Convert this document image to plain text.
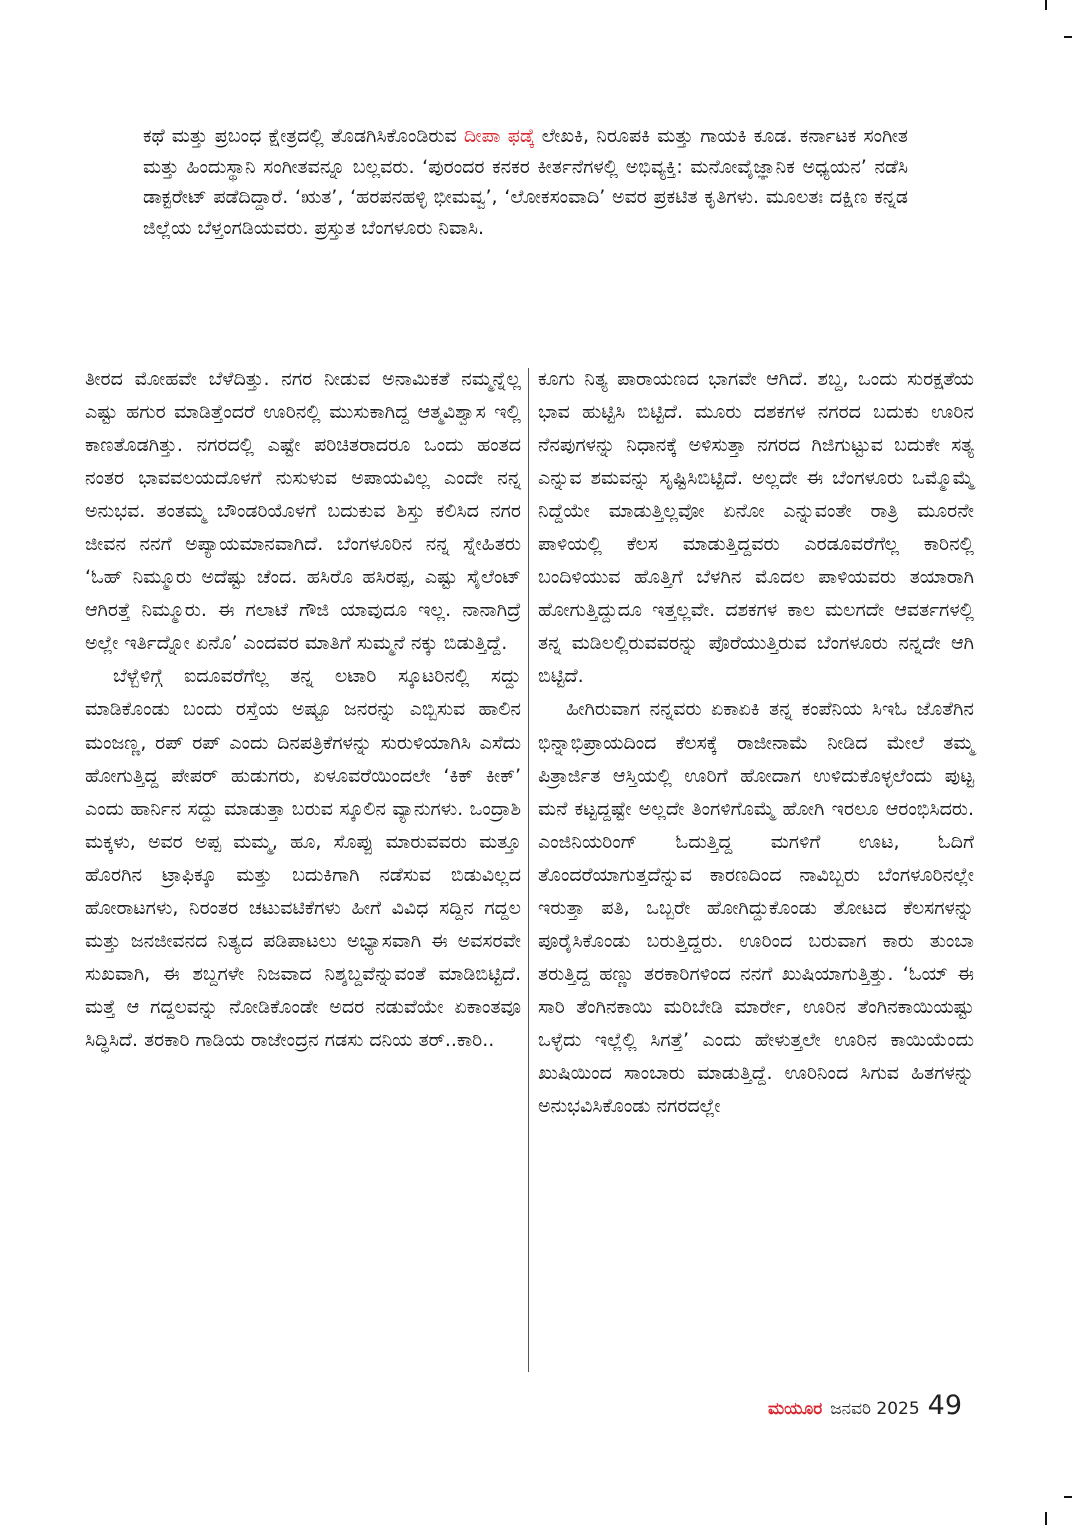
ಕಥೆ ಮತ್ತು ಪ್ರಬಂಧ ಕ್ಷೇತ್ರದಲ್ಲಿ ತೊಡಗಿಸಿಕೊಂಡಿರುವ ದೀಪಾ ಫಡ್ಕೆ ಲೇಖಕಿ, ನಿರೂಪಕಿ ಮತ್ತು ಗಾಯಕಿ ಕೂಡ. ಕರ್ನಾಟಕ ಸಂಗೀತ ಮತ್ತು ಹಿಂದುಸ್ಥಾನಿ ಸಂಗೀತವನ್ನೂ ಬಲ್ಲವರು. ‘ಪುರಂದರ ಕನಕರ ಕೀರ್ತನೆಗಳಲ್ಲಿ ಅಭಿವ್ಯಕ್ತಿ: ಮನೋವೈಜ್ಞಾನಿಕ ಅಧ್ಯಯನ’ ನಡೆಸಿ ಡಾಕ್ಟರೇಟ್ ಪಡೆದಿದ್ದಾರೆ. ‘ಋತ’, ‘ಹರಪನಹಳ್ಳಿ ಭೀಮವ್ವ’, ‘ಲೋಕಸಂವಾದಿ’ ಅವರ ಪ್ರಕಟಿತ ಕೃತಿಗಳು. ಮೂಲತಃ ದಕ್ಷಿಣ ಕನ್ನಡ ಜಿಲ್ಲೆಯ ಬೆಳ್ತಂಗಡಿಯವರು. ಪ್ರಸ್ತುತ ಬೆಂಗಳೂರು ನಿವಾಸಿ.

ತೀರದ ಮೋಹವೇ ಬೆಳೆದಿತ್ತು. ನಗರ ನೀಡುವ ಅನಾಮಿಕತೆ ನಮ್ಮನ್ನೆಲ್ಲ ಎಷ್ಟು ಹಗುರ ಮಾಡಿತ್ತೆಂದರೆ ಊರಿನಲ್ಲಿ ಮುಸುಕಾಗಿದ್ದ ಆತ್ಮವಿಶ್ವಾಸ ಇಲ್ಲಿ ಕಾಣತೊಡಗಿತ್ತು. ನಗರದಲ್ಲಿ ಎಷ್ಟೇ ಪರಿಚಿತರಾದರೂ ಒಂದು ಹಂತದ ನಂತರ ಭಾವವಲಯದೊಳಗೆ ನುಸುಳುವ ಅಪಾಯವಿಲ್ಲ ಎಂದೇ ನನ್ನ ಅನುಭವ. ತಂತಮ್ಮ ಬೌಂಡರಿಯೊಳಗೆ ಬದುಕುವ ಶಿಸ್ತು ಕಲಿಸಿದ ನಗರ ಜೀವನ ನನಗೆ ಅಪ್ಯಾಯಮಾನವಾಗಿದೆ. ಬೆಂಗಳೂರಿನ ನನ್ನ ಸ್ನೇಹಿತರು ‘ಓಹ್ ನಿಮ್ಮೂರು ಅದೆಷ್ಟು ಚೆಂದ. ಹಸಿರೊ ಹಸಿರಪ್ಪ, ಎಷ್ಟು ಸೈಲೆಂಟ್ ಆಗಿರತ್ತೆ ನಿಮ್ಮೂರು. ಈ ಗಲಾಟೆ ಗೌಜಿ ಯಾವುದೂ ಇಲ್ಲ. ನಾನಾಗಿದ್ರೆ ಅಲ್ಲೇ ಇರ್ತಿದ್ನೋ ಏನೊ’ ಎಂದವರ ಮಾತಿಗೆ ಸುಮ್ಮನೆ ನಕ್ಕು ಬಿಡುತ್ತಿದ್ದೆ.

ಬೆಳ್ಬೆಳಿಗ್ಗೆ ಐದೂವರೆಗೆಲ್ಲ ತನ್ನ ಲಟಾರಿ ಸ್ಕೂಟರಿನಲ್ಲಿ ಸದ್ದು ಮಾಡಿಕೊಂಡು ಬಂದು ರಸ್ತೆಯ ಅಷ್ಟೂ ಜನರನ್ನು ಎಬ್ಬಿಸುವ ಹಾಲಿನ ಮಂಜಣ್ಣ, ರಪ್ ರಪ್ ಎಂದು ದಿನಪತ್ರಿಕೆಗಳನ್ನು ಸುರುಳಿಯಾಗಿಸಿ ಎಸೆದು ಹೋಗುತ್ತಿದ್ದ ಪೇಪರ್ ಹುಡುಗರು, ಏಳೂವರೆಯಿಂದಲೇ ‘ಕಿಕ್ ಕೀಕ್’ ಎಂದು ಹಾರ್ನಿನ ಸದ್ದು ಮಾಡುತ್ತಾ ಬರುವ ಸ್ಕೂಲಿನ ವ್ಯಾನುಗಳು. ಒಂದ್ರಾಶಿ ಮಕ್ಕಳು, ಅವರ ಅಪ್ಪ ಮಮ್ಮ, ಹೂ, ಸೊಪ್ಪು ಮಾರುವವರು ಮತ್ತೂ ಹೊರಗಿನ ಟ್ರಾಫಿಕ್ಕೂ ಮತ್ತು ಬದುಕಿಗಾಗಿ ನಡೆಸುವ ಬಿಡುವಿಲ್ಲದ ಹೋರಾಟಗಳು, ನಿರಂತರ ಚಟುವಟಿಕೆಗಳು ಹೀಗೆ ವಿವಿಧ ಸದ್ದಿನ ಗದ್ದಲ ಮತ್ತು ಜನಜೀವನದ ನಿತ್ಯದ ಪಡಿಪಾಟಲು ಅಭ್ಯಾಸವಾಗಿ ಈ ಅವಸರವೇ ಸುಖವಾಗಿ, ಈ ಶಬ್ದಗಳೇ ನಿಜವಾದ ನಿಶ್ಶಬ್ದವೆನ್ನುವಂತೆ ಮಾಡಿಬಿಟ್ಟಿದೆ. ಮತ್ತೆ ಆ ಗದ್ದಲವನ್ನು ನೋಡಿಕೊಂಡೇ ಅದರ ನಡುವೆಯೇ ಏಕಾಂತವೂ ಸಿದ್ಧಿಸಿದೆ. ತರಕಾರಿ ಗಾಡಿಯ ರಾಜೇಂದ್ರನ ಗಡಸು ದನಿಯ ತರ್..ಕಾರಿ..

ಕೂಗು ನಿತ್ಯ ಪಾರಾಯಣದ ಭಾಗವೇ ಆಗಿದೆ. ಶಬ್ದ, ಒಂದು ಸುರಕ್ಷತೆಯ ಭಾವ ಹುಟ್ಟಿಸಿ ಬಿಟ್ಟಿದೆ. ಮೂರು ದಶಕಗಳ ನಗರದ ಬದುಕು ಊರಿನ ನೆನಪುಗಳನ್ನು ನಿಧಾನಕ್ಕೆ ಅಳಿಸುತ್ತಾ ನಗರದ ಗಿಜಿಗುಟ್ಟುವ ಬದುಕೇ ಸತ್ಯ ಎನ್ನುವ ಶಮವನ್ನು ಸೃಷ್ಟಿಸಿಬಿಟ್ಟಿದೆ. ಅಲ್ಲದೇ ಈ ಬೆಂಗಳೂರು ಒಮ್ಮೊಮ್ಮೆ ನಿದ್ದೆಯೇ ಮಾಡುತ್ತಿಲ್ಲವೋ ಏನೋ ಎನ್ನುವಂತೇ ರಾತ್ರಿ ಮೂರನೇ ಪಾಳಿಯಲ್ಲಿ ಕೆಲಸ ಮಾಡುತ್ತಿದ್ದವರು ಎರಡೂವರೆಗೆಲ್ಲ ಕಾರಿನಲ್ಲಿ ಬಂದಿಳಿಯುವ ಹೊತ್ತಿಗೆ ಬೆಳಗಿನ ಮೊದಲ ಪಾಳಿಯವರು ತಯಾರಾಗಿ ಹೋಗುತ್ತಿದ್ದುದೂ ಇತ್ತಲ್ಲವೇ. ದಶಕಗಳ ಕಾಲ ಮಲಗದೇ ಆವರ್ತಗಳಲ್ಲಿ ತನ್ನ ಮಡಿಲಲ್ಲಿರುವವರನ್ನು ಪೊರೆಯುತ್ತಿರುವ ಬೆಂಗಳೂರು ನನ್ನದೇ ಆಗಿ ಬಿಟ್ಟಿದೆ.

ಹೀಗಿರುವಾಗ ನನ್ನವರು ಏಕಾಏಕಿ ತನ್ನ ಕಂಪೆನಿಯ ಸಿಇಓ ಜೊತೆಗಿನ ಭಿನ್ನಾಭಿಪ್ರಾಯದಿಂದ ಕೆಲಸಕ್ಕೆ ರಾಜೀನಾಮೆ ನೀಡಿದ ಮೇಲೆ ತಮ್ಮ ಪಿತ್ರಾರ್ಜಿತ ಆಸ್ತಿಯಲ್ಲಿ ಊರಿಗೆ ಹೋದಾಗ ಉಳಿದುಕೊಳ್ಳಲೆಂದು ಪುಟ್ಟ ಮನೆ ಕಟ್ಟದ್ದಷ್ಟೇ ಅಲ್ಲದೇ ತಿಂಗಳಿಗೊಮ್ಮೆ ಹೋಗಿ ಇರಲೂ ಆರಂಭಿಸಿದರು. ಎಂಜಿನಿಯರಿಂಗ್ ಓದುತ್ತಿದ್ದ ಮಗಳಿಗೆ ಊಟ, ಓದಿಗೆ ತೊಂದರೆಯಾಗುತ್ತದೆನ್ನುವ ಕಾರಣದಿಂದ ನಾವಿಬ್ಬರು ಬೆಂಗಳೂರಿನಲ್ಲೇ ಇರುತ್ತಾ ಪತಿ, ಒಬ್ಬರೇ ಹೋಗಿದ್ದುಕೊಂಡು ತೋಟದ ಕೆಲಸಗಳನ್ನು ಪೂರೈಸಿಕೊಂಡು ಬರುತ್ತಿದ್ದರು. ಊರಿಂದ ಬರುವಾಗ ಕಾರು ತುಂಬಾ ತರುತ್ತಿದ್ದ ಹಣ್ಣು ತರಕಾರಿಗಳಿಂದ ನನಗೆ ಖುಷಿಯಾಗುತ್ತಿತ್ತು. ‘ಓಯ್ ಈ ಸಾರಿ ತೆಂಗಿನಕಾಯಿ ಮರಿಬೇಡಿ ಮಾರ್ರೇ, ಊರಿನ ತೆಂಗಿನಕಾಯಿಯಷ್ಟು ಒಳ್ಳೆದು ಇಲ್ಲೆಲ್ಲಿ ಸಿಗತ್ತೆ’ ಎಂದು ಹೇಳುತ್ತಲೇ ಊರಿನ ಕಾಯಿಯೆಂದು ಖುಷಿಯಿಂದ ಸಾಂಬಾರು ಮಾಡುತ್ತಿದ್ದೆ. ಊರಿನಿಂದ ಸಿಗುವ ಹಿತಗಳನ್ನು ಅನುಭವಿಸಿಕೊಂಡು ನಗರದಲ್ಲೇ

ಮಯೂರ ಜನವರಿ 2025 49
